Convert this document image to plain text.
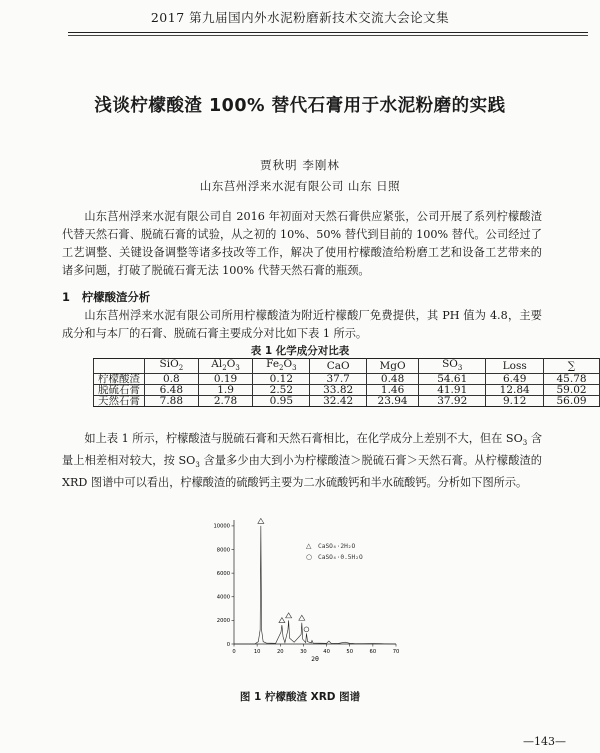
2017 第九届国内外水泥粉磨新技术交流大会论文集
浅谈柠檬酸渣 100% 替代石膏用于水泥粉磨的实践
贾秋明 李刚林
山东莒州浮来水泥有限公司 山东 日照

山东莒州浮来水泥有限公司自 2016 年初面对天然石膏供应紧张，公司开展了系列柠檬酸渣代替天然石膏、脱硫石膏的试验，从之初的 10%、50% 替代到目前的 100% 替代。公司经过了工艺调整、关键设备调整等诸多技改等工作，解决了使用柠檬酸渣给粉磨工艺和设备工艺带来的诸多问题，打破了脱硫石膏无法 100% 代替天然石膏的瓶颈。

1 柠檬酸渣分析

山东莒州浮来水泥有限公司所用柠檬酸渣为附近柠檬酸厂免费提供，其 PH 值为 4.8，主要成分和与本厂的石膏、脱硫石膏主要成分对比如下表 1 所示。

表 1 化学成分对比表
	SiO$_2$	$Al_2O_3$	$Fe_2O_3$	CaO	MgO	$SO_3$	Loss	∑
柠檬酸渣	0.8	0.19	0.12	37.7	0.48	54.61	6.49	45.78
脱硫石膏	6.48	1.9	2.52	33.82	1.46	41.91	12.84	59.02
天然石膏	7.88	2.78	0.95	32.42	23.94	37.92	9.12	56.09

如上表 1 所示，柠檬酸渣与脱硫石膏和天然石膏相比，在化学成分上差别不大，但在 $SO_3$ 含量上相差相对较大，按 $SO_3$ 含量多少由大到小为柠檬酸渣＞脱硫石膏＞天然石膏。从柠檬酸渣的 XRD 图谱中可以看出，柠檬酸渣的硫酸钙主要为二水硫酸钙和半水硫酸钙。分析如下图所示。

0	10	20	30	40	50	60	70
0
2000
4000
6000
8000
10000
△ CaSO₄·2H₂O
○ CaSO₄·0.5H₂O
2θ
图 1 柠檬酸渣 XRD 图谱
—143—
